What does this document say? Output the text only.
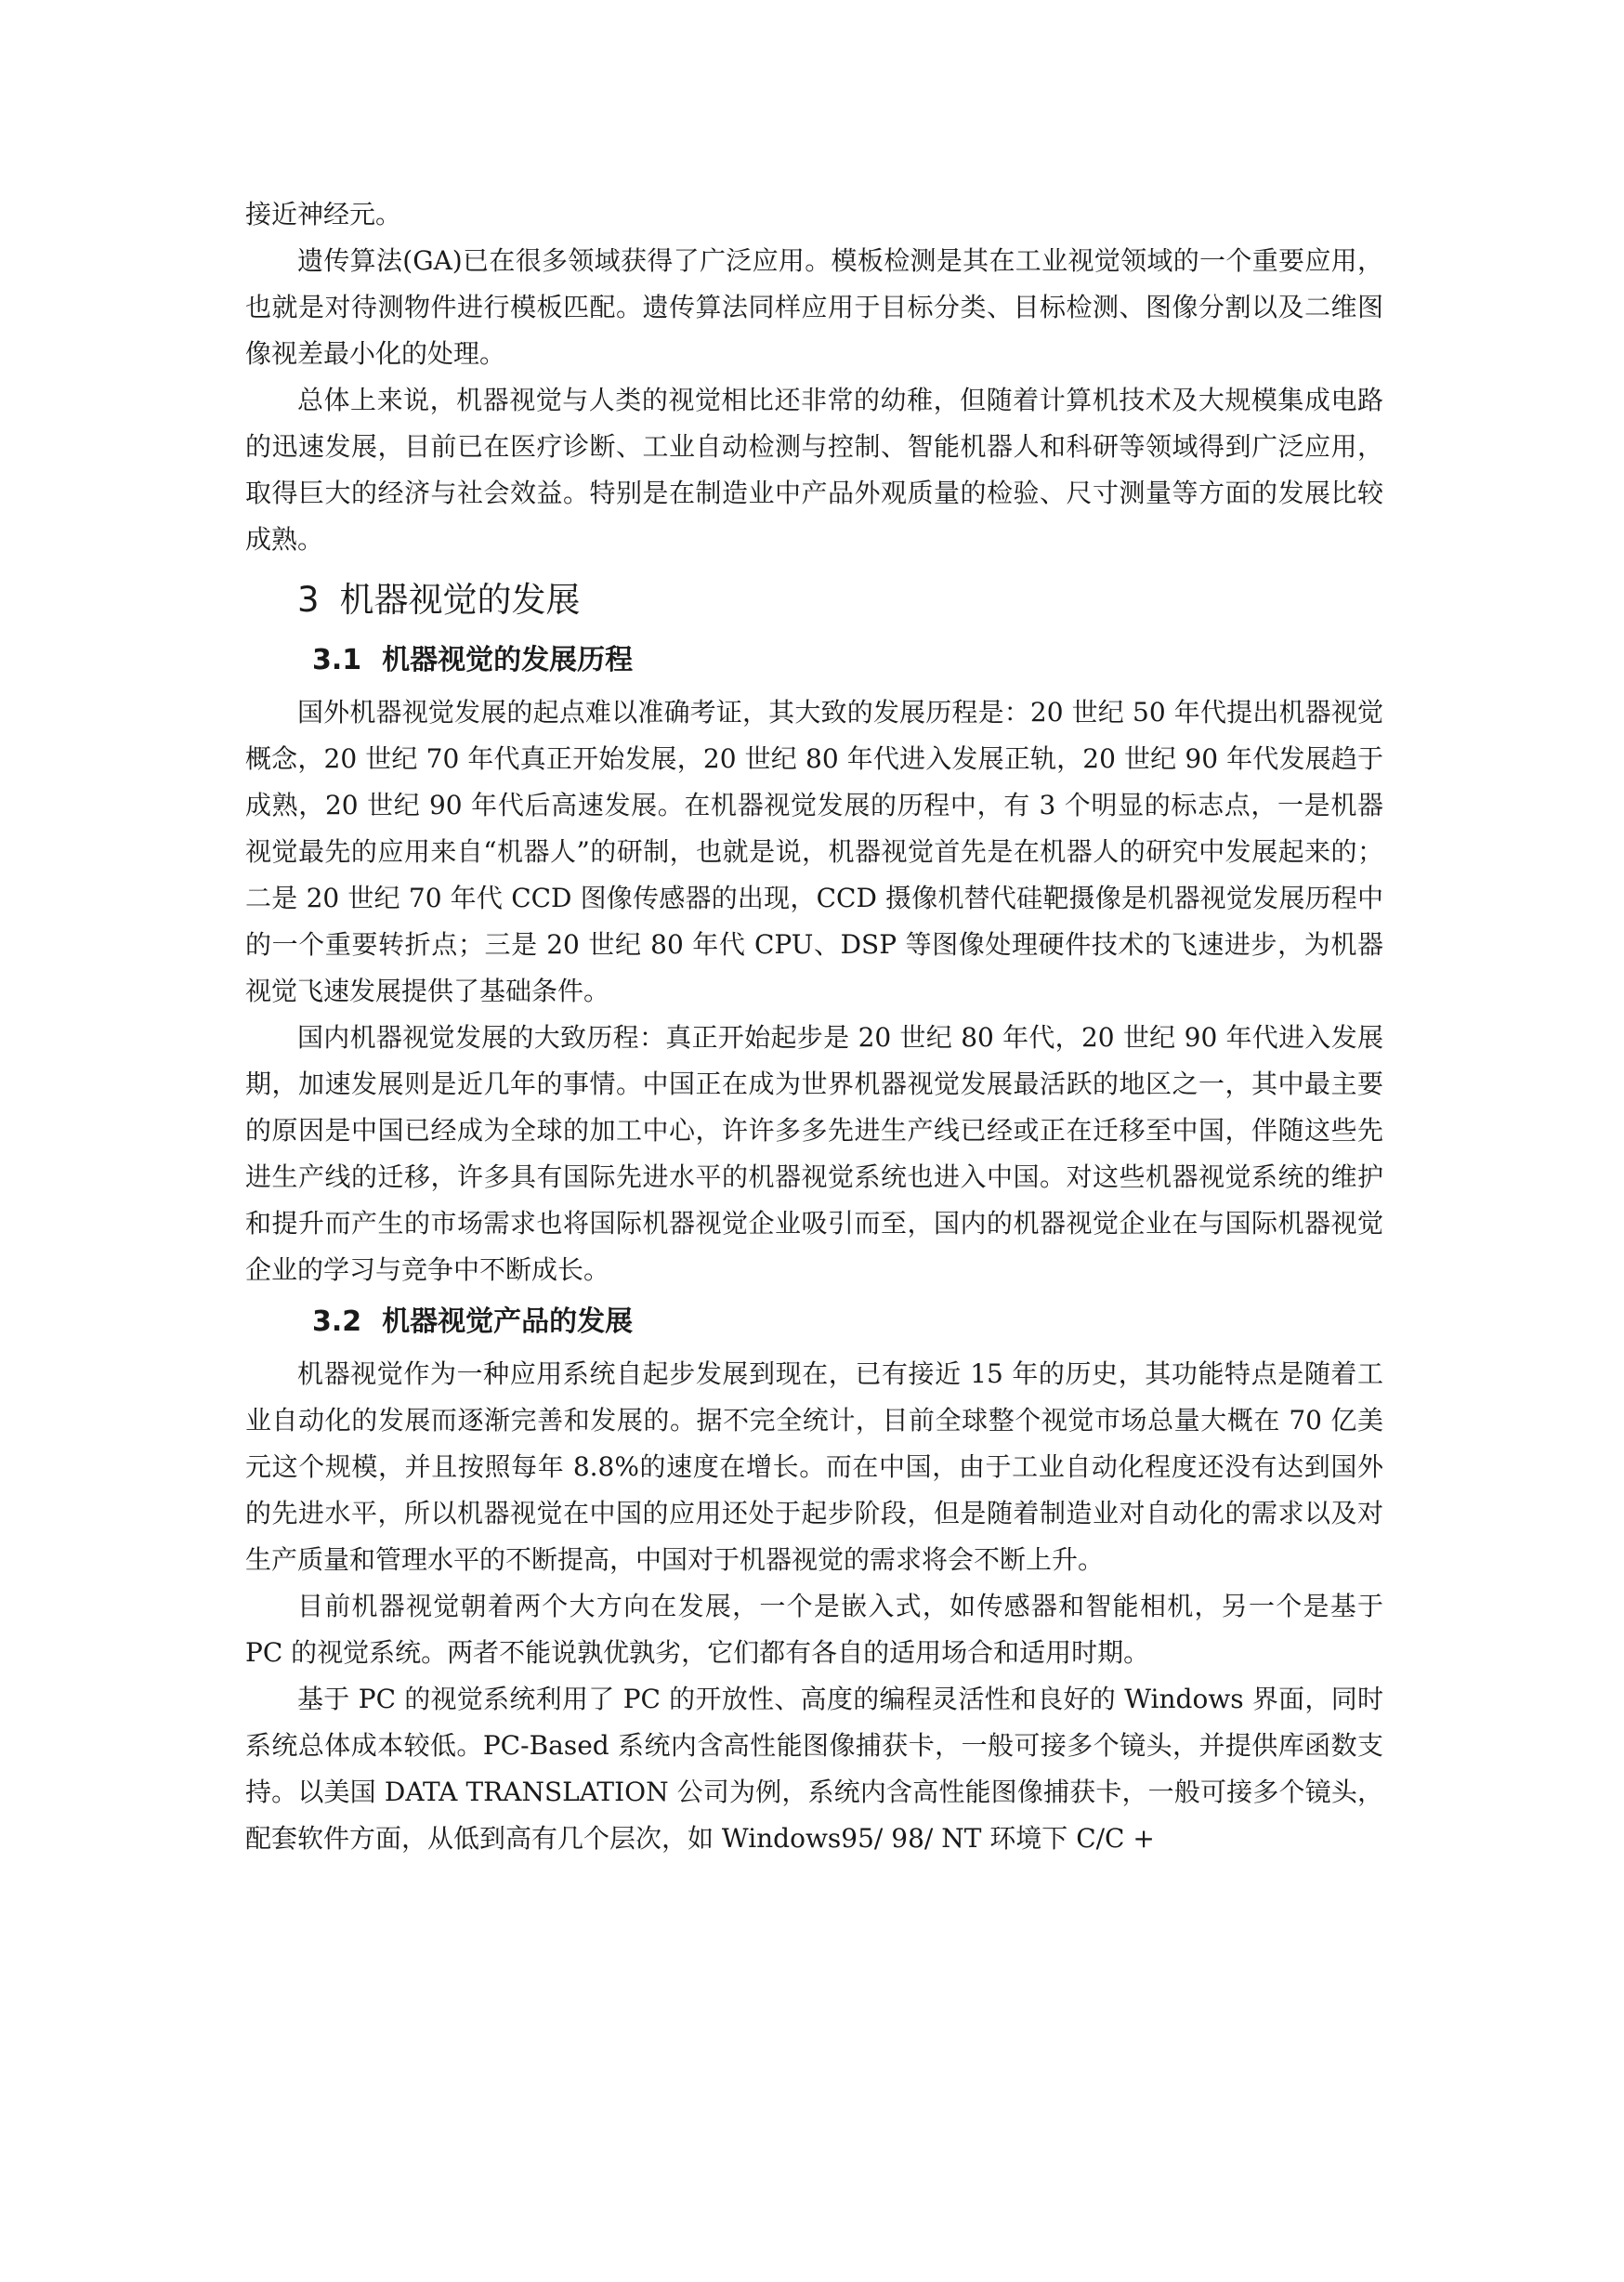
接近神经元。

遗传算法(GA)已在很多领域获得了广泛应用。模板检测是其在工业视觉领域的一个重要应用，也就是对待测物件进行模板匹配。遗传算法同样应用于目标分类、目标检测、图像分割以及二维图像视差最小化的处理。

总体上来说，机器视觉与人类的视觉相比还非常的幼稚，但随着计算机技术及大规模集成电路的迅速发展，目前已在医疗诊断、工业自动检测与控制、智能机器人和科研等领域得到广泛应用，取得巨大的经济与社会效益。特别是在制造业中产品外观质量的检验、尺寸测量等方面的发展比较成熟。

3 机器视觉的发展
3.1 机器视觉的发展历程

国外机器视觉发展的起点难以准确考证，其大致的发展历程是：20 世纪 50 年代提出机器视觉概念，20 世纪 70 年代真正开始发展，20 世纪 80 年代进入发展正轨，20 世纪 90 年代发展趋于成熟，20 世纪 90 年代后高速发展。在机器视觉发展的历程中，有 3 个明显的标志点，一是机器视觉最先的应用来自“机器人”的研制，也就是说，机器视觉首先是在机器人的研究中发展起来的；二是 20 世纪 70 年代 CCD 图像传感器的出现，CCD 摄像机替代硅靶摄像是机器视觉发展历程中的一个重要转折点；三是 20 世纪 80 年代 CPU、DSP 等图像处理硬件技术的飞速进步，为机器视觉飞速发展提供了基础条件。

国内机器视觉发展的大致历程：真正开始起步是 20 世纪 80 年代，20 世纪 90 年代进入发展期，加速发展则是近几年的事情。中国正在成为世界机器视觉发展最活跃的地区之一，其中最主要的原因是中国已经成为全球的加工中心，许许多多先进生产线已经或正在迁移至中国，伴随这些先进生产线的迁移，许多具有国际先进水平的机器视觉系统也进入中国。对这些机器视觉系统的维护和提升而产生的市场需求也将国际机器视觉企业吸引而至，国内的机器视觉企业在与国际机器视觉企业的学习与竞争中不断成长。

3.2 机器视觉产品的发展

机器视觉作为一种应用系统自起步发展到现在，已有接近 15 年的历史，其功能特点是随着工业自动化的发展而逐渐完善和发展的。据不完全统计，目前全球整个视觉市场总量大概在 70 亿美元这个规模，并且按照每年 8.8%的速度在增长。而在中国，由于工业自动化程度还没有达到国外的先进水平，所以机器视觉在中国的应用还处于起步阶段，但是随着制造业对自动化的需求以及对生产质量和管理水平的不断提高，中国对于机器视觉的需求将会不断上升。

目前机器视觉朝着两个大方向在发展，一个是嵌入式，如传感器和智能相机，另一个是基于 PC 的视觉系统。两者不能说孰优孰劣，它们都有各自的适用场合和适用时期。

基于 PC 的视觉系统利用了 PC 的开放性、高度的编程灵活性和良好的 Windows 界面，同时系统总体成本较低。PC-Based 系统内含高性能图像捕获卡，一般可接多个镜头，并提供库函数支持。以美国 DATA TRANSLATION 公司为例，系统内含高性能图像捕获卡，一般可接多个镜头，配套软件方面，从低到高有几个层次，如 Windows95/ 98/ NT 环境下 C/C +
